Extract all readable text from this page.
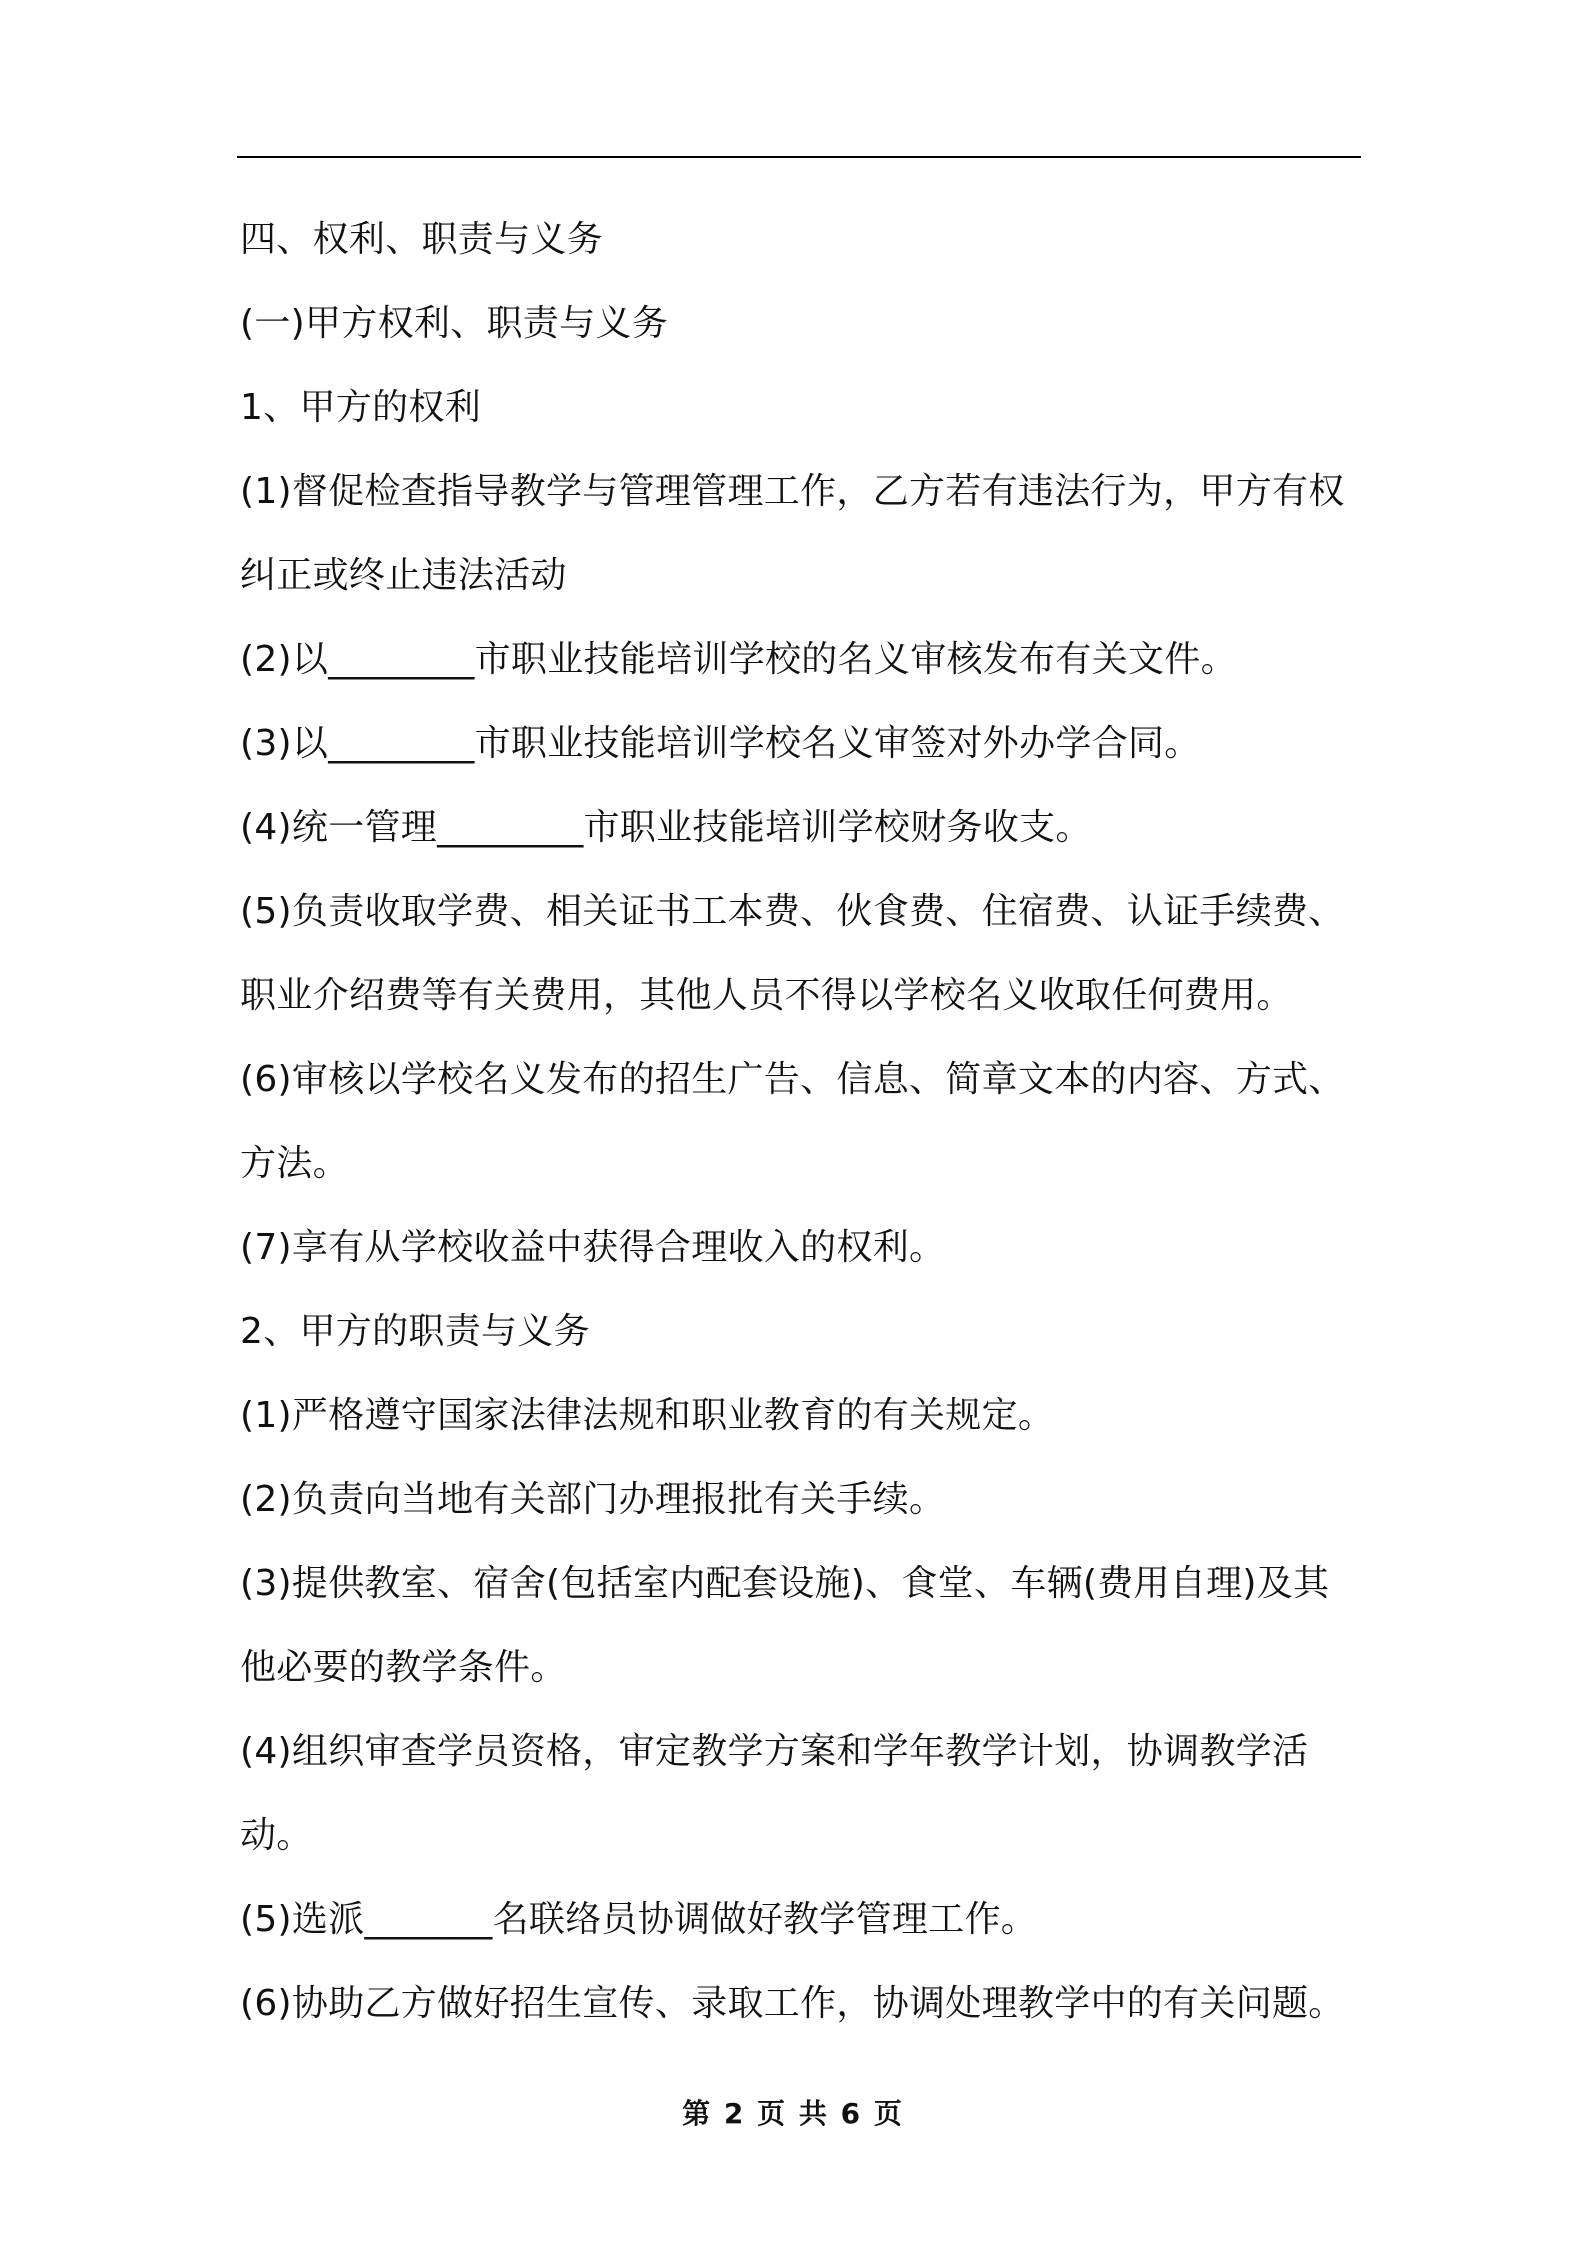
四、权利、职责与义务

(一)甲方权利、职责与义务

1、甲方的权利

(1)督促检查指导教学与管理管理工作，乙方若有违法行为，甲方有权纠正或终止违法活动

(2)以________市职业技能培训学校的名义审核发布有关文件。

(3)以________市职业技能培训学校名义审签对外办学合同。

(4)统一管理________市职业技能培训学校财务收支。

(5)负责收取学费、相关证书工本费、伙食费、住宿费、认证手续费、职业介绍费等有关费用，其他人员不得以学校名义收取任何费用。

(6)审核以学校名义发布的招生广告、信息、简章文本的内容、方式、方法。

(7)享有从学校收益中获得合理收入的权利。

2、甲方的职责与义务

(1)严格遵守国家法律法规和职业教育的有关规定。

(2)负责向当地有关部门办理报批有关手续。

(3)提供教室、宿舍(包括室内配套设施)、食堂、车辆(费用自理)及其他必要的教学条件。

(4)组织审查学员资格，审定教学方案和学年教学计划，协调教学活动。

(5)选派_______名联络员协调做好教学管理工作。

(6)协助乙方做好招生宣传、录取工作，协调处理教学中的有关问题。

第 2 页 共 6 页
